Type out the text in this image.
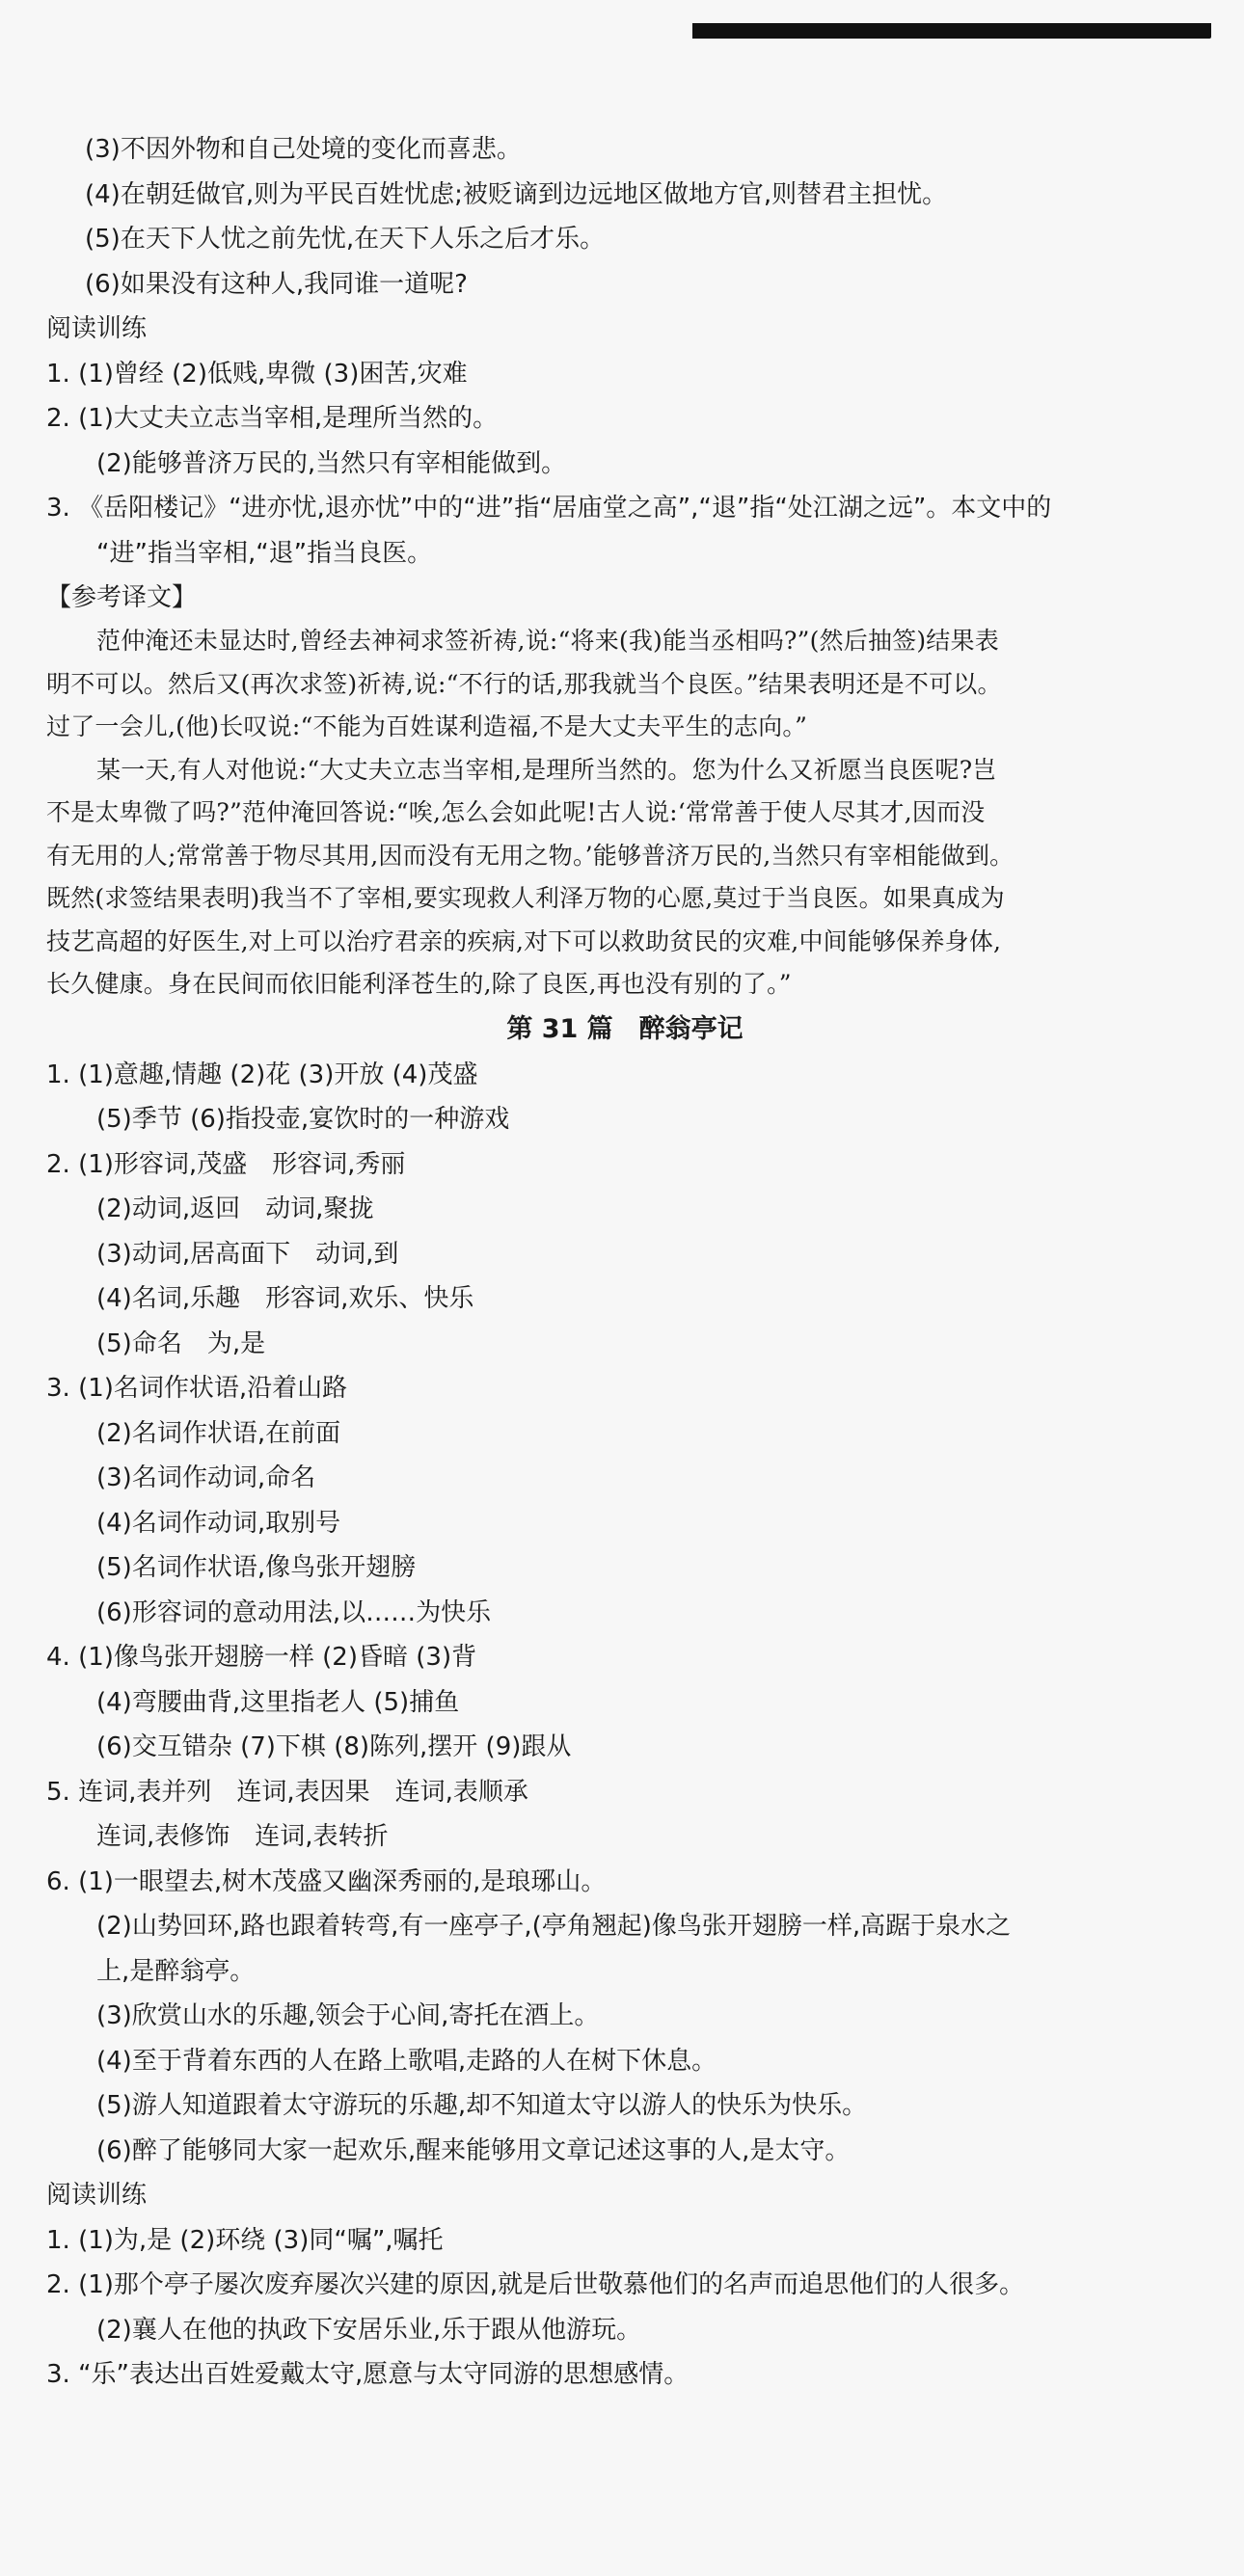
(3)不因外物和自己处境的变化而喜悲。
(4)在朝廷做官,则为平民百姓忧虑;被贬谪到边远地区做地方官,则替君主担忧。
(5)在天下人忧之前先忧,在天下人乐之后才乐。
(6)如果没有这种人,我同谁一道呢?
阅读训练
1. (1)曾经 (2)低贱,卑微 (3)困苦,灾难
2. (1)大丈夫立志当宰相,是理所当然的。
(2)能够普济万民的,当然只有宰相能做到。
3. 《岳阳楼记》“进亦忧,退亦忧”中的“进”指“居庙堂之高”,“退”指“处江湖之远”。本文中的
“进”指当宰相,“退”指当良医。
【参考译文】
范仲淹还未显达时,曾经去神祠求签祈祷,说:“将来(我)能当丞相吗?”(然后抽签)结果表
明不可以。然后又(再次求签)祈祷,说:“不行的话,那我就当个良医。”结果表明还是不可以。
过了一会儿,(他)长叹说:“不能为百姓谋利造福,不是大丈夫平生的志向。”
某一天,有人对他说:“大丈夫立志当宰相,是理所当然的。您为什么又祈愿当良医呢?岂
不是太卑微了吗?”范仲淹回答说:“唉,怎么会如此呢!古人说:‘常常善于使人尽其才,因而没
有无用的人;常常善于物尽其用,因而没有无用之物。’能够普济万民的,当然只有宰相能做到。
既然(求签结果表明)我当不了宰相,要实现救人利泽万物的心愿,莫过于当良医。如果真成为
技艺高超的好医生,对上可以治疗君亲的疾病,对下可以救助贫民的灾难,中间能够保养身体,
长久健康。身在民间而依旧能利泽苍生的,除了良医,再也没有别的了。”
第 31 篇　醉翁亭记
1. (1)意趣,情趣 (2)花 (3)开放 (4)茂盛
(5)季节 (6)指投壶,宴饮时的一种游戏
2. (1)形容词,茂盛　形容词,秀丽
(2)动词,返回　动词,聚拢
(3)动词,居高面下　动词,到
(4)名词,乐趣　形容词,欢乐、快乐
(5)命名　为,是
3. (1)名词作状语,沿着山路
(2)名词作状语,在前面
(3)名词作动词,命名
(4)名词作动词,取别号
(5)名词作状语,像鸟张开翅膀
(6)形容词的意动用法,以……为快乐
4. (1)像鸟张开翅膀一样 (2)昏暗 (3)背
(4)弯腰曲背,这里指老人 (5)捕鱼
(6)交互错杂 (7)下棋 (8)陈列,摆开 (9)跟从
5. 连词,表并列　连词,表因果　连词,表顺承
连词,表修饰　连词,表转折
6. (1)一眼望去,树木茂盛又幽深秀丽的,是琅琊山。
(2)山势回环,路也跟着转弯,有一座亭子,(亭角翘起)像鸟张开翅膀一样,高踞于泉水之
上,是醉翁亭。
(3)欣赏山水的乐趣,领会于心间,寄托在酒上。
(4)至于背着东西的人在路上歌唱,走路的人在树下休息。
(5)游人知道跟着太守游玩的乐趣,却不知道太守以游人的快乐为快乐。
(6)醉了能够同大家一起欢乐,醒来能够用文章记述这事的人,是太守。
阅读训练
1. (1)为,是 (2)环绕 (3)同“嘱”,嘱托
2. (1)那个亭子屡次废弃屡次兴建的原因,就是后世敬慕他们的名声而追思他们的人很多。
(2)襄人在他的执政下安居乐业,乐于跟从他游玩。
3. “乐”表达出百姓爱戴太守,愿意与太守同游的思想感情。
